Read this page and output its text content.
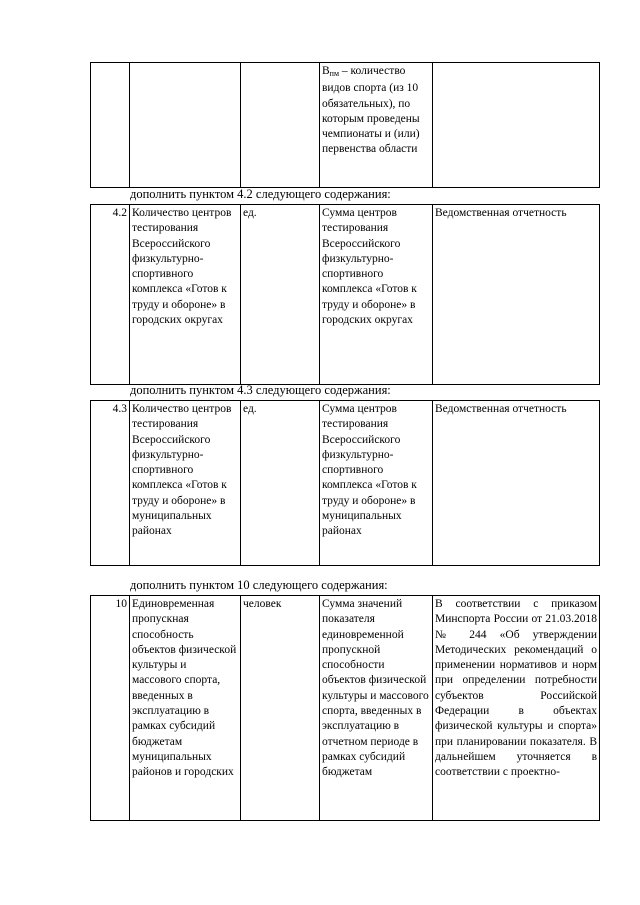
			$B_{пм}$ – количество видов спорта (из 10 обязательных), по которым проведены чемпионаты и (или) первенства области	
дополнить пунктом 4.2 следующего содержания:
4.2	Количество центров тестирования Всероссийского физкультурно-спортивного комплекса «Готов к труду и обороне» в городских округах	ед.	Сумма центров тестирования Всероссийского физкультурно-спортивного комплекса «Готов к труду и обороне» в городских округах	Ведомственная отчетность
дополнить пунктом 4.3 следующего содержания:
4.3	Количество центров тестирования Всероссийского физкультурно-спортивного комплекса «Готов к труду и обороне» в муниципальных районах	ед.	Сумма центров тестирования Всероссийского физкультурно-спортивного комплекса «Готов к труду и обороне» в муниципальных районах	Ведомственная отчетность
дополнить пунктом 10 следующего содержания:
10	Единовременная пропускная способность объектов физической культуры и массового спорта, введенных в эксплуатацию в рамках субсидий бюджетам муниципальных районов и городских	человек	Сумма значений показателя единовременной пропускной способности объектов физической культуры и массового спорта, введенных в эксплуатацию в отчетном периоде в рамках субсидий бюджетам	В соответствии с приказом Минспорта России от 21.03.2018 № 244 «Об утверждении Методических рекомендаций о применении нормативов и норм при определении потребности субъектов Российской Федерации в объектах физической культуры и спорта» при планировании показателя. В дальнейшем уточняется в соответствии с проектно-
